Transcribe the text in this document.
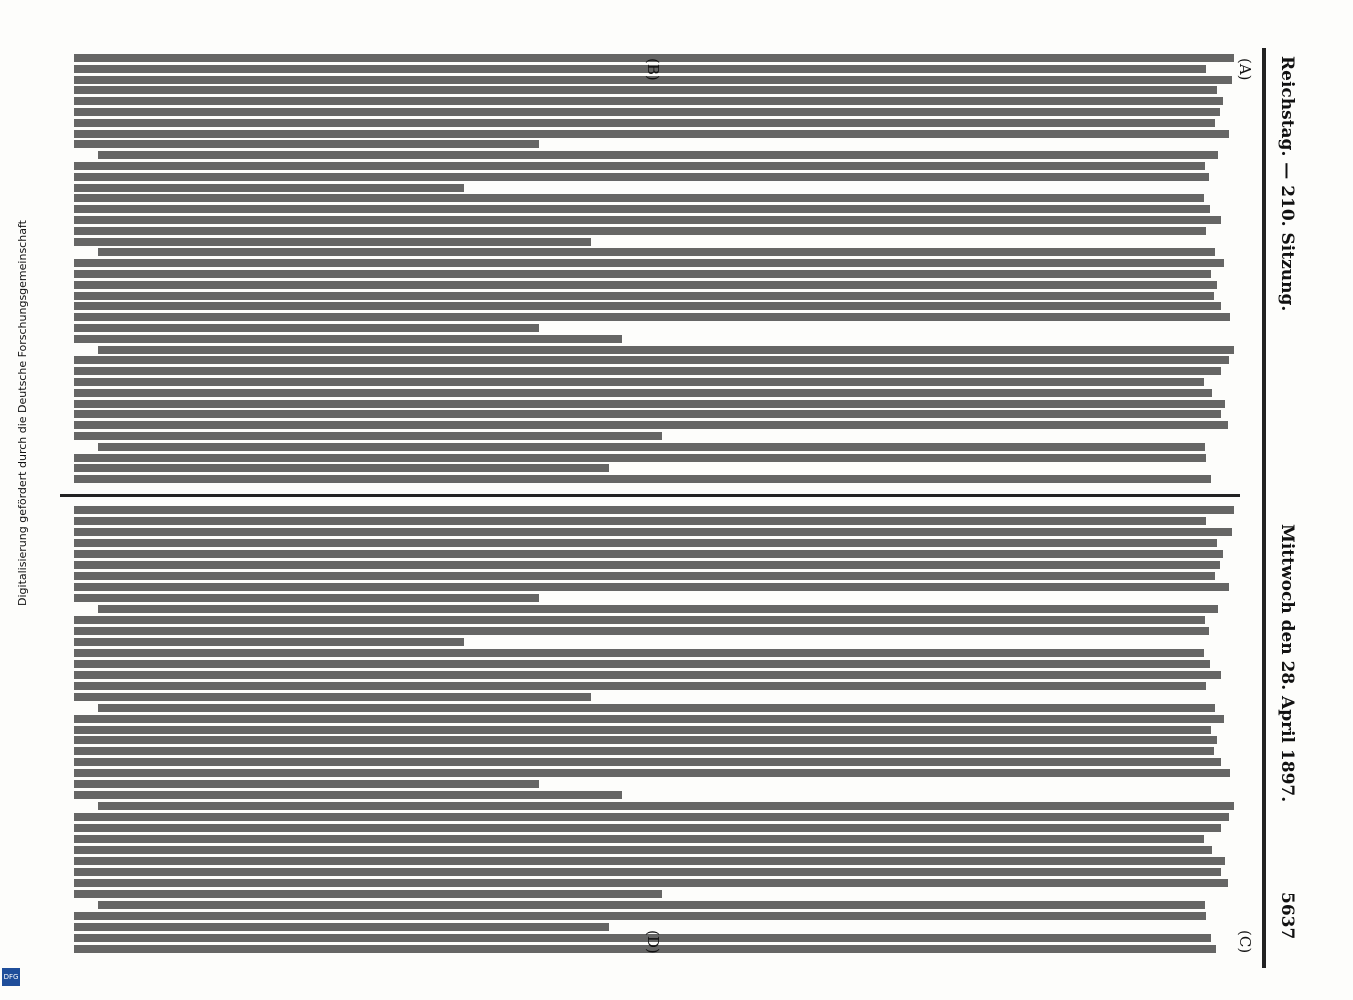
Reichstag. — 210. Sitzung.
Mittwoch den 28. April 1897.
5637
(A)
(B)
(C)
(D)
Digitalisierung gefördert durch die Deutsche Forschungsgemeinschaft
DFG
